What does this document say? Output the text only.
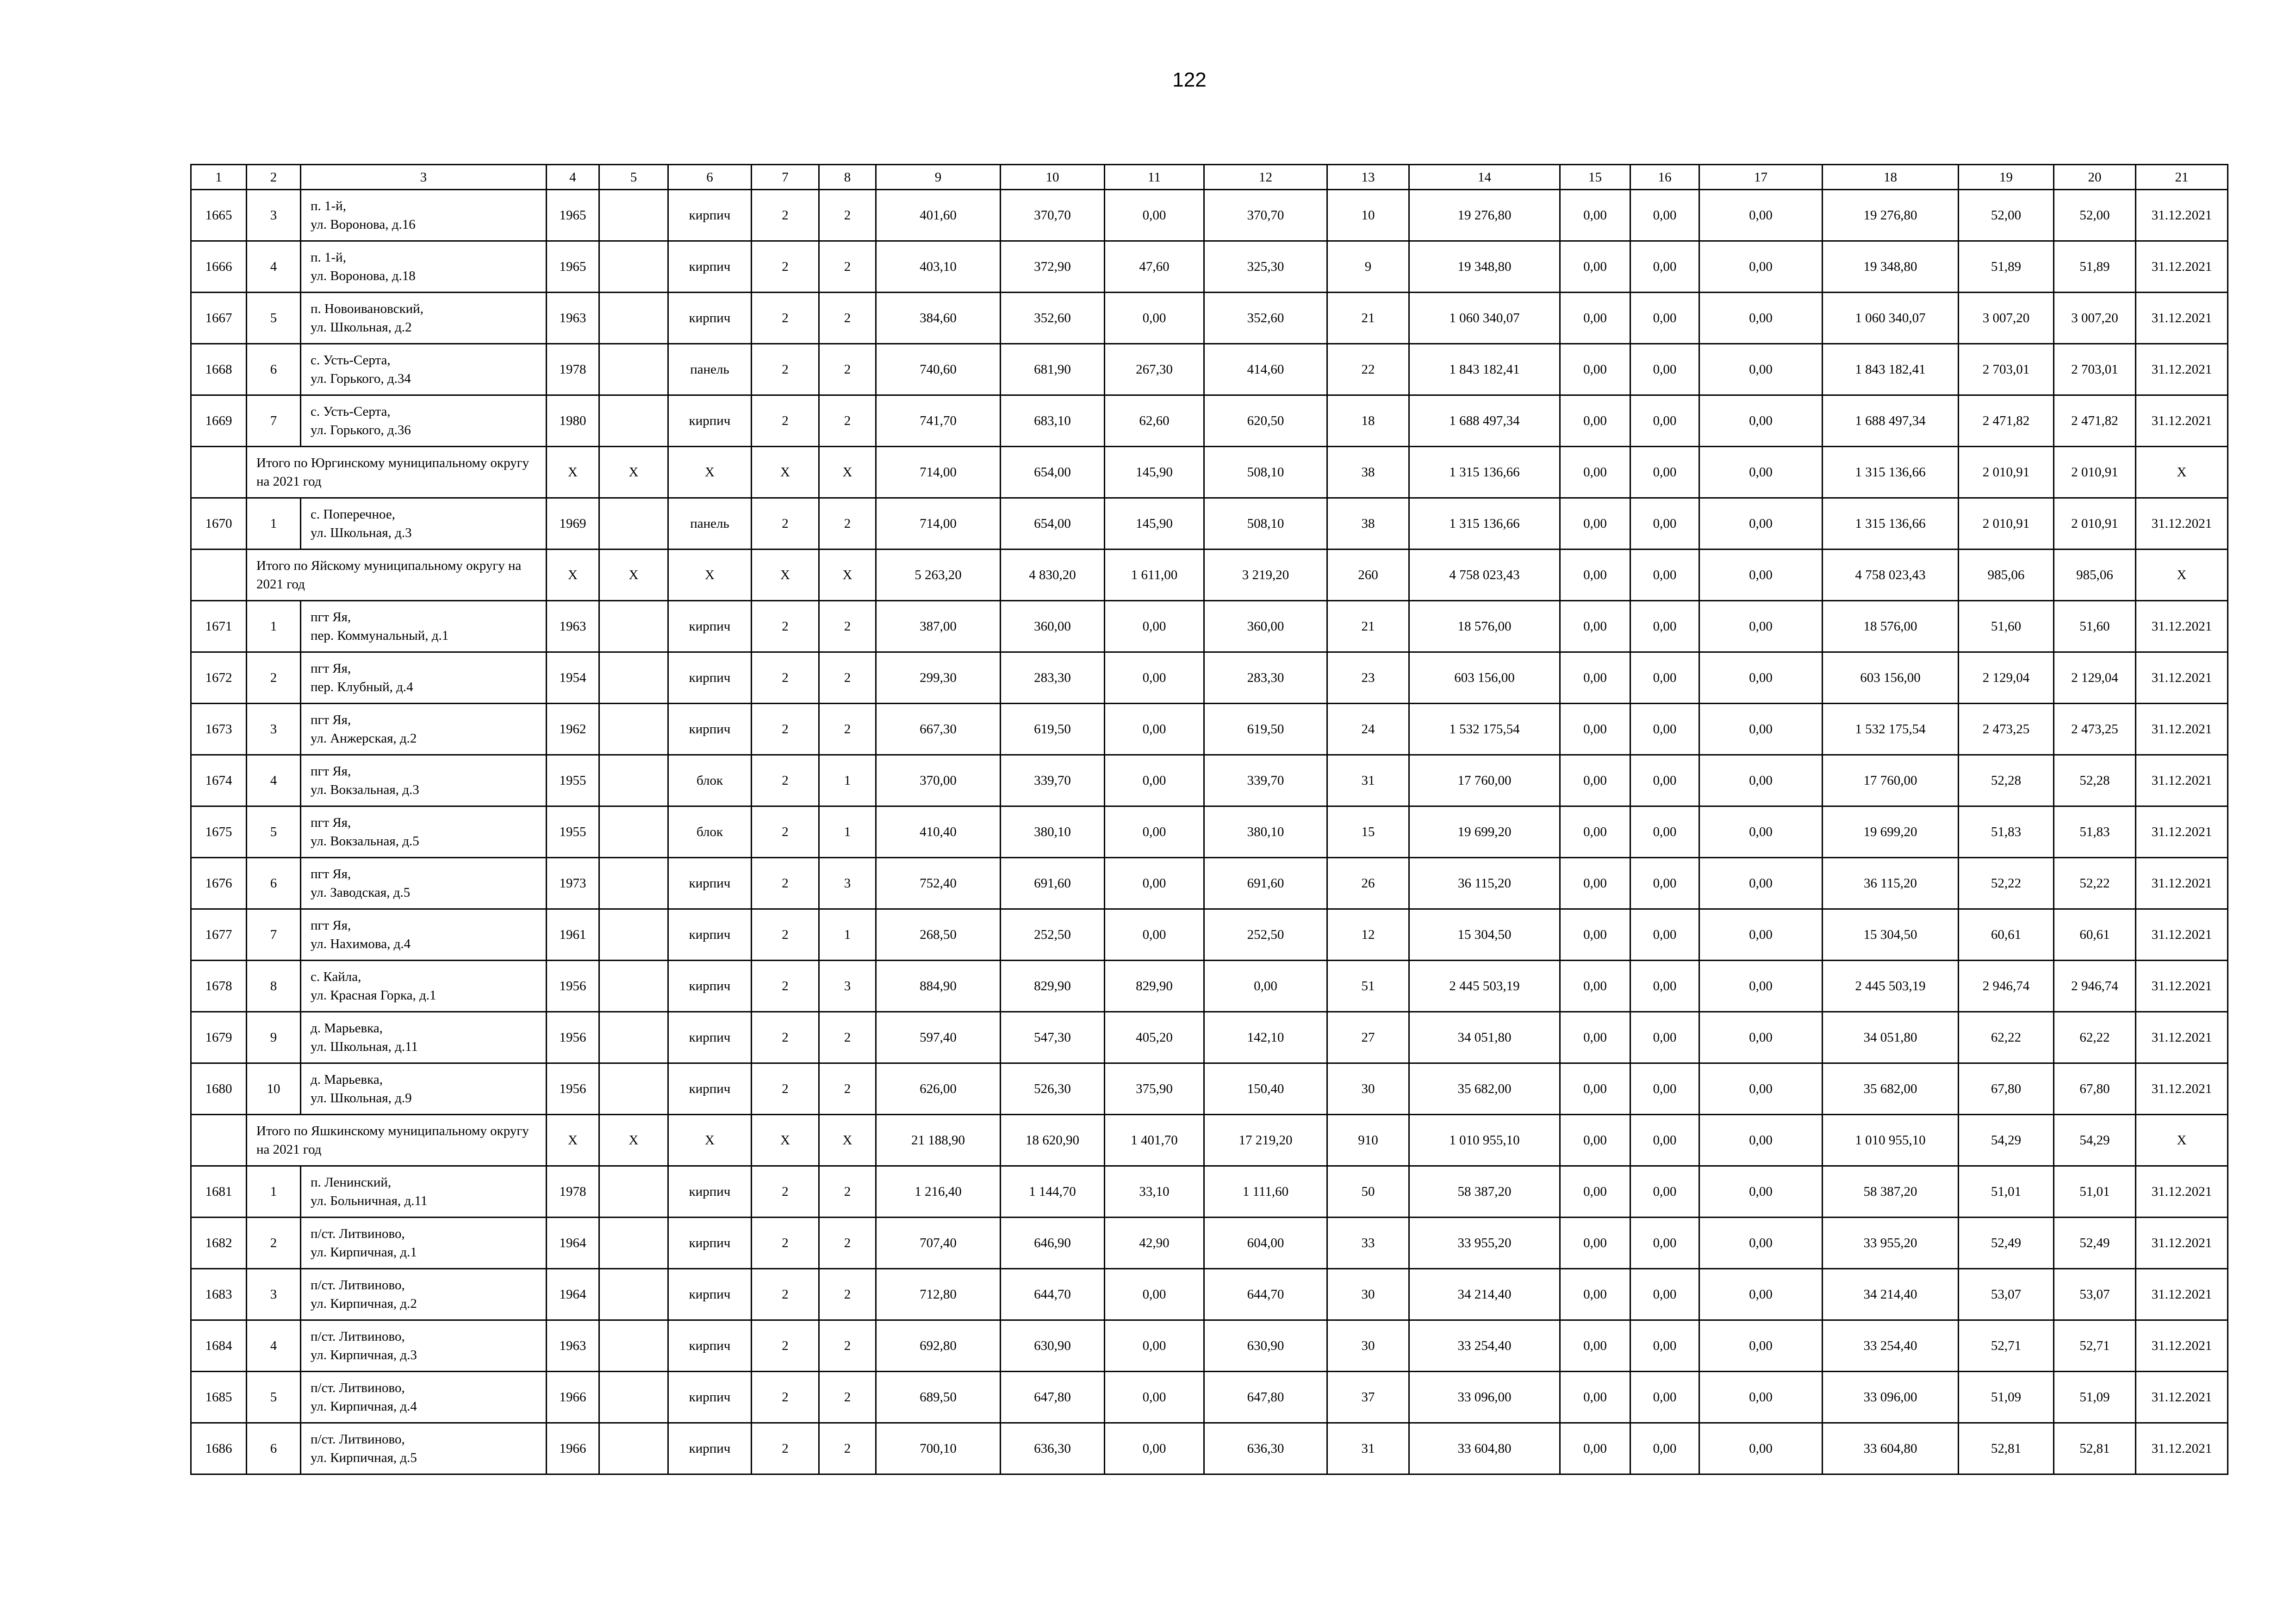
122
1	2	3	4	5	6	7	8	9	10	11	12	13	14	15	16	17	18	19	20	21
1665	3	п. 1-й,
ул. Воронова, д.16	1965		кирпич	2	2	401,60	370,70	0,00	370,70	10	19 276,80	0,00	0,00	0,00	19 276,80	52,00	52,00	31.12.2021
1666	4	п. 1-й,
ул. Воронова, д.18	1965		кирпич	2	2	403,10	372,90	47,60	325,30	9	19 348,80	0,00	0,00	0,00	19 348,80	51,89	51,89	31.12.2021
1667	5	п. Новоивановский,
ул. Школьная, д.2	1963		кирпич	2	2	384,60	352,60	0,00	352,60	21	1 060 340,07	0,00	0,00	0,00	1 060 340,07	3 007,20	3 007,20	31.12.2021
1668	6	с. Усть-Серта,
ул. Горького, д.34	1978		панель	2	2	740,60	681,90	267,30	414,60	22	1 843 182,41	0,00	0,00	0,00	1 843 182,41	2 703,01	2 703,01	31.12.2021
1669	7	с. Усть-Серта,
ул. Горького, д.36	1980		кирпич	2	2	741,70	683,10	62,60	620,50	18	1 688 497,34	0,00	0,00	0,00	1 688 497,34	2 471,82	2 471,82	31.12.2021
	Итого по Юргинскому муниципальному округу на 2021 год		X	X	X	X	X	714,00	654,00	145,90	508,10	38	1 315 136,66	0,00	0,00	0,00	1 315 136,66	2 010,91	2 010,91	X
1670	1	с. Поперечное,
ул. Школьная, д.3	1969		панель	2	2	714,00	654,00	145,90	508,10	38	1 315 136,66	0,00	0,00	0,00	1 315 136,66	2 010,91	2 010,91	31.12.2021
	Итого по Яйскому муниципальному округу на 2021 год		X	X	X	X	X	5 263,20	4 830,20	1 611,00	3 219,20	260	4 758 023,43	0,00	0,00	0,00	4 758 023,43	985,06	985,06	X
1671	1	пгт Яя,
пер. Коммунальный, д.1	1963		кирпич	2	2	387,00	360,00	0,00	360,00	21	18 576,00	0,00	0,00	0,00	18 576,00	51,60	51,60	31.12.2021
1672	2	пгт Яя,
пер. Клубный, д.4	1954		кирпич	2	2	299,30	283,30	0,00	283,30	23	603 156,00	0,00	0,00	0,00	603 156,00	2 129,04	2 129,04	31.12.2021
1673	3	пгт Яя,
ул. Анжерская, д.2	1962		кирпич	2	2	667,30	619,50	0,00	619,50	24	1 532 175,54	0,00	0,00	0,00	1 532 175,54	2 473,25	2 473,25	31.12.2021
1674	4	пгт Яя,
ул. Вокзальная, д.3	1955		блок	2	1	370,00	339,70	0,00	339,70	31	17 760,00	0,00	0,00	0,00	17 760,00	52,28	52,28	31.12.2021
1675	5	пгт Яя,
ул. Вокзальная, д.5	1955		блок	2	1	410,40	380,10	0,00	380,10	15	19 699,20	0,00	0,00	0,00	19 699,20	51,83	51,83	31.12.2021
1676	6	пгт Яя,
ул. Заводская, д.5	1973		кирпич	2	3	752,40	691,60	0,00	691,60	26	36 115,20	0,00	0,00	0,00	36 115,20	52,22	52,22	31.12.2021
1677	7	пгт Яя,
ул. Нахимова, д.4	1961		кирпич	2	1	268,50	252,50	0,00	252,50	12	15 304,50	0,00	0,00	0,00	15 304,50	60,61	60,61	31.12.2021
1678	8	с. Кайла,
ул. Красная Горка, д.1	1956		кирпич	2	3	884,90	829,90	829,90	0,00	51	2 445 503,19	0,00	0,00	0,00	2 445 503,19	2 946,74	2 946,74	31.12.2021
1679	9	д. Марьевка,
ул. Школьная, д.11	1956		кирпич	2	2	597,40	547,30	405,20	142,10	27	34 051,80	0,00	0,00	0,00	34 051,80	62,22	62,22	31.12.2021
1680	10	д. Марьевка,
ул. Школьная, д.9	1956		кирпич	2	2	626,00	526,30	375,90	150,40	30	35 682,00	0,00	0,00	0,00	35 682,00	67,80	67,80	31.12.2021
	Итого по Яшкинскому муниципальному округу на 2021 год		X	X	X	X	X	21 188,90	18 620,90	1 401,70	17 219,20	910	1 010 955,10	0,00	0,00	0,00	1 010 955,10	54,29	54,29	X
1681	1	п. Ленинский,
ул. Больничная, д.11	1978		кирпич	2	2	1 216,40	1 144,70	33,10	1 111,60	50	58 387,20	0,00	0,00	0,00	58 387,20	51,01	51,01	31.12.2021
1682	2	п/ст. Литвиново,
ул. Кирпичная, д.1	1964		кирпич	2	2	707,40	646,90	42,90	604,00	33	33 955,20	0,00	0,00	0,00	33 955,20	52,49	52,49	31.12.2021
1683	3	п/ст. Литвиново,
ул. Кирпичная, д.2	1964		кирпич	2	2	712,80	644,70	0,00	644,70	30	34 214,40	0,00	0,00	0,00	34 214,40	53,07	53,07	31.12.2021
1684	4	п/ст. Литвиново,
ул. Кирпичная, д.3	1963		кирпич	2	2	692,80	630,90	0,00	630,90	30	33 254,40	0,00	0,00	0,00	33 254,40	52,71	52,71	31.12.2021
1685	5	п/ст. Литвиново,
ул. Кирпичная, д.4	1966		кирпич	2	2	689,50	647,80	0,00	647,80	37	33 096,00	0,00	0,00	0,00	33 096,00	51,09	51,09	31.12.2021
1686	6	п/ст. Литвиново,
ул. Кирпичная, д.5	1966		кирпич	2	2	700,10	636,30	0,00	636,30	31	33 604,80	0,00	0,00	0,00	33 604,80	52,81	52,81	31.12.2021
